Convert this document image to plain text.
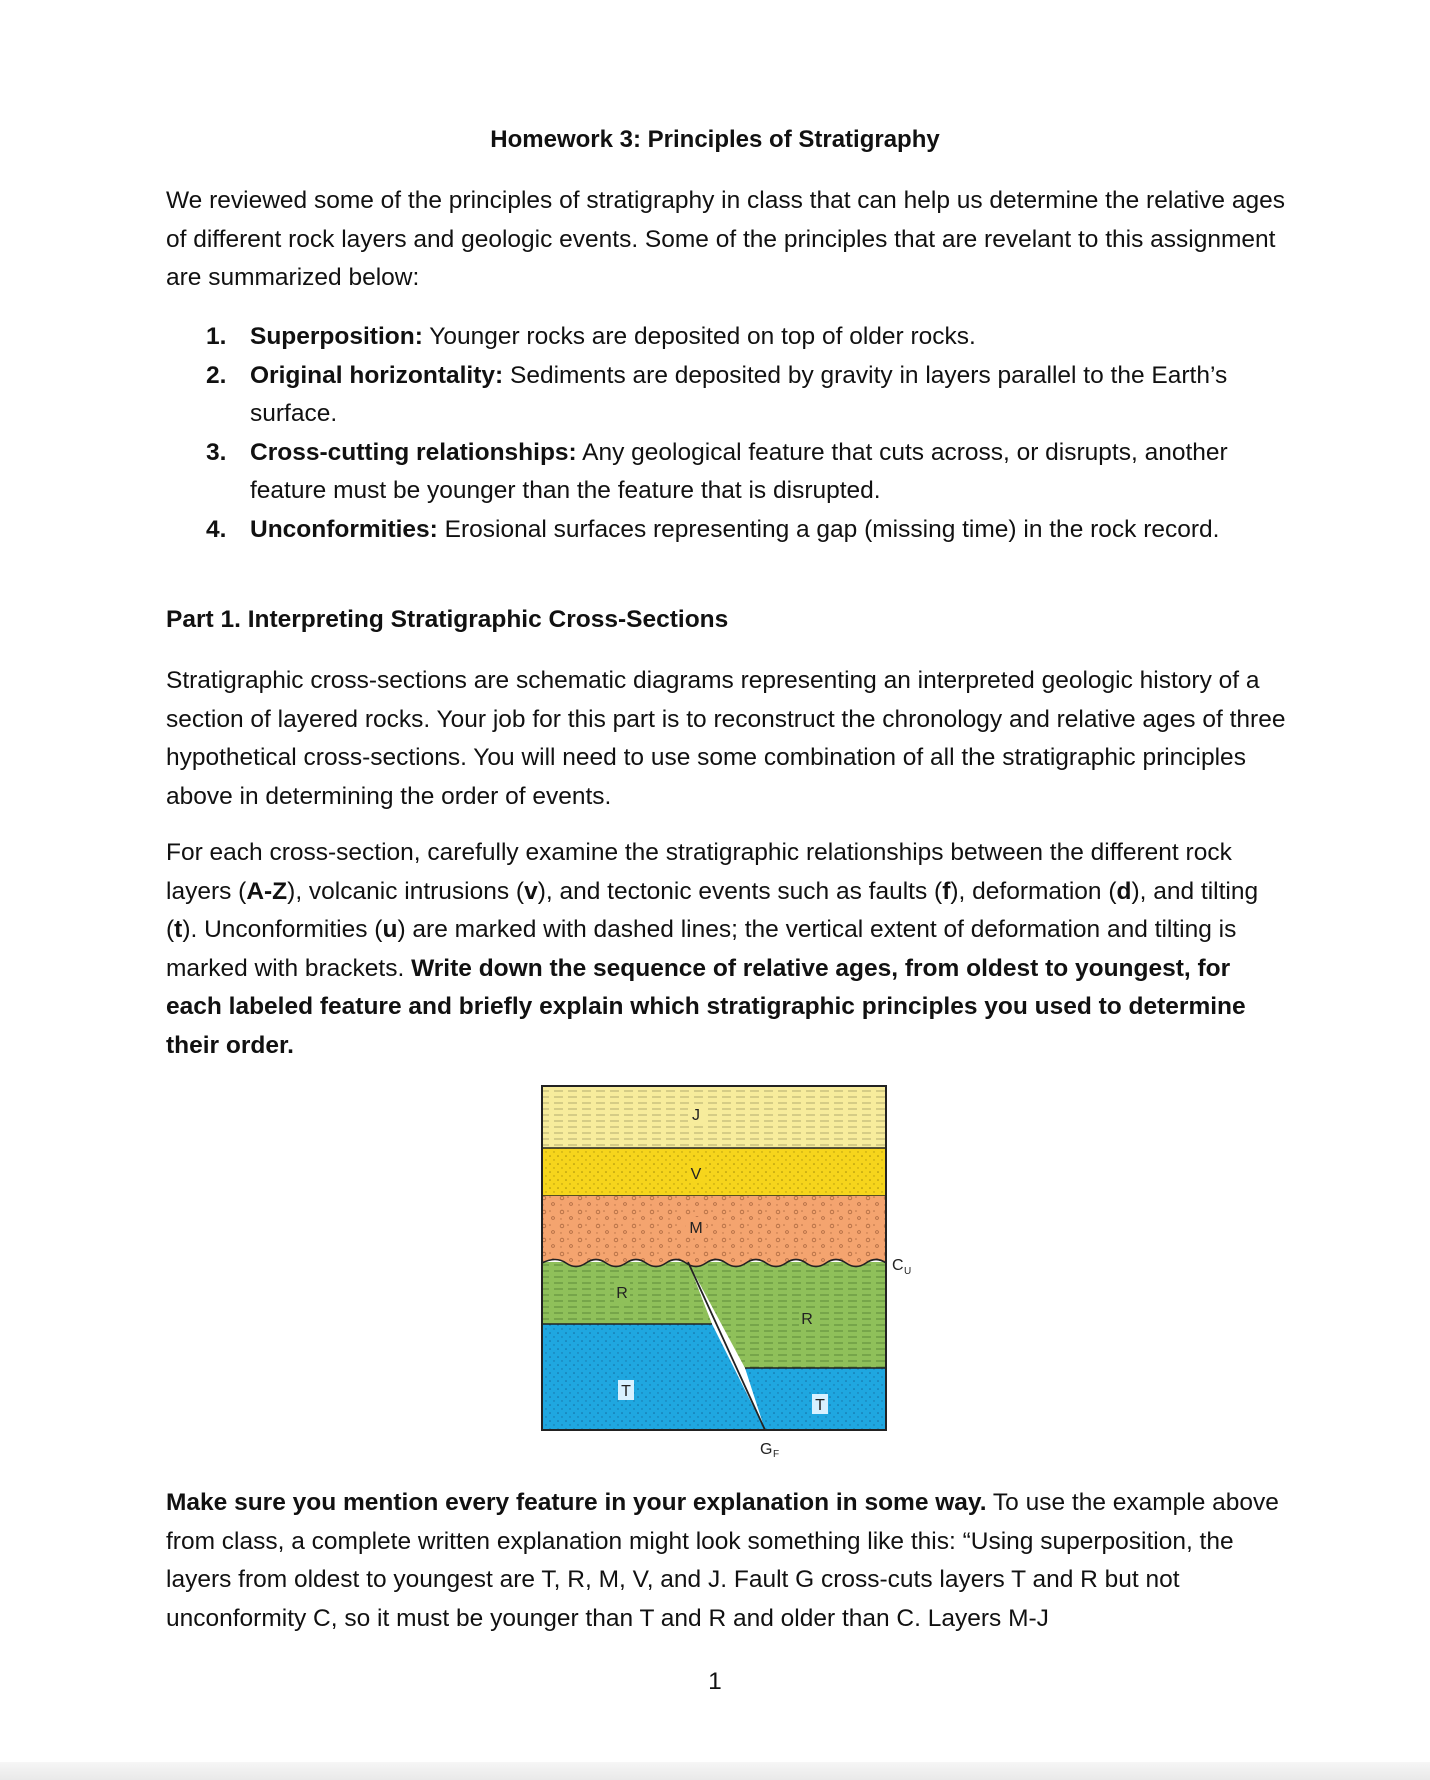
Homework 3: Principles of Stratigraphy
We reviewed some of the principles of stratigraphy in class that can help us determine the relative ages of different rock layers and geologic events. Some of the principles that are revelant to this assignment are summarized below:
1. Superposition: Younger rocks are deposited on top of older rocks.
2. Original horizontality: Sediments are deposited by gravity in layers parallel to the Earth’s surface.
3. Cross-cutting relationships: Any geological feature that cuts across, or disrupts, another feature must be younger than the feature that is disrupted.
4. Unconformities: Erosional surfaces representing a gap (missing time) in the rock record.
Part 1. Interpreting Stratigraphic Cross-Sections
Stratigraphic cross-sections are schematic diagrams representing an interpreted geologic history of a section of layered rocks. Your job for this part is to reconstruct the chronology and relative ages of three hypothetical cross-sections. You will need to use some combination of all the stratigraphic principles above in determining the order of events.
For each cross-section, carefully examine the stratigraphic relationships between the different rock layers (A-Z), volcanic intrusions (v), and tectonic events such as faults (f), deformation (d), and tilting (t). Unconformities (u) are marked with dashed lines; the vertical extent of deformation and tilting is marked with brackets. Write down the sequence of relative ages, from oldest to youngest, for each labeled feature and briefly explain which stratigraphic principles you used to determine their order.
J
V
M
R
R
T
T
C U
G F
Make sure you mention every feature in your explanation in some way. To use the example above from class, a complete written explanation might look something like this: “Using superposition, the layers from oldest to youngest are T, R, M, V, and J. Fault G cross-cuts layers T and R but not unconformity C, so it must be younger than T and R and older than C. Layers M-J
1
